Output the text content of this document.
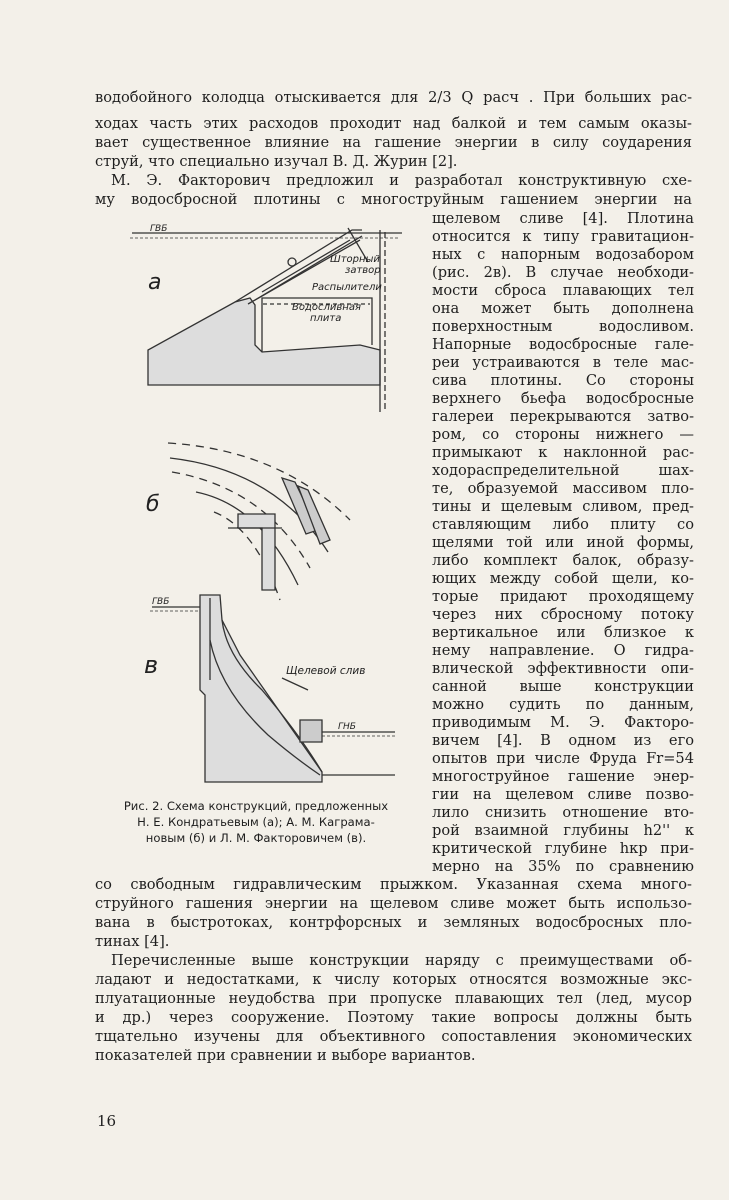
а
б
в
ГВБ
Шторный
затвор
Распылители
Водосливная
плита
ГВБ
Щелевой слив
ГНБ
водобойного колодца отыскивается для 2/3 Q расч . При больших рас-
ходах часть этих расходов проходит над балкой и тем самым оказы-
вает существенное влияние на гашение энергии в силу соударения
струй, что специально изучал В. Д. Журин [2].
М. Э. Факторович предложил и разработал конструктивную схе-
му водосбросной плотины с многоструйным гашением энергии на
щелевом сливе [4]. Плотина
относится к типу гравитацион-
ных с напорным водозабором
(рис. 2в). В случае необходи-
мости сброса плавающих тел
она может быть дополнена
поверхностным водосливом.
Напорные водосбросные гале-
реи устраиваются в теле мас-
сива плотины. Со стороны
верхнего бьефа водосбросные
галереи перекрываются затво-
ром, со стороны нижнего —
примыкают к наклонной рас-
ходораспределительной шах-
те, образуемой массивом пло-
тины и щелевым сливом, пред-
ставляющим либо плиту со
щелями той или иной формы,
либо комплект балок, образу-
ющих между собой щели, ко-
торые придают проходящему
через них сбросному потоку
вертикальное или близкое к
нему направление. О гидра-
влической эффективности опи-
санной выше конструкции
можно судить по данным,
приводимым М. Э. Факторо-
вичем [4]. В одном из его
опытов при числе Фруда Fr=54
многоструйное гашение энер-
гии на щелевом сливе позво-
лило снизить отношение вто-
рой взаимной глубины h2'' к
критической глубине hкр при-
мерно на 35% по сравнению
со свободным гидравлическим прыжком. Указанная схема много-
струйного гашения энергии на щелевом сливе может быть использо-
вана в быстротоках, контрфорсных и земляных водосбросных пло-
тинах [4].
Перечисленные выше конструкции наряду с преимуществами об-
ладают и недостатками, к числу которых относятся возможные экс-
плуатационные неудобства при пропуске плавающих тел (лед, мусор
и др.) через сооружение. Поэтому такие вопросы должны быть
тщательно изучены для объективного сопоставления экономических
показателей при сравнении и выборе вариантов.
Рис. 2. Схема конструкций, предложенных
Н. Е. Кондратьевым (а); А. М. Каграма-
новым (б) и Л. М. Факторовичем (в).
16
